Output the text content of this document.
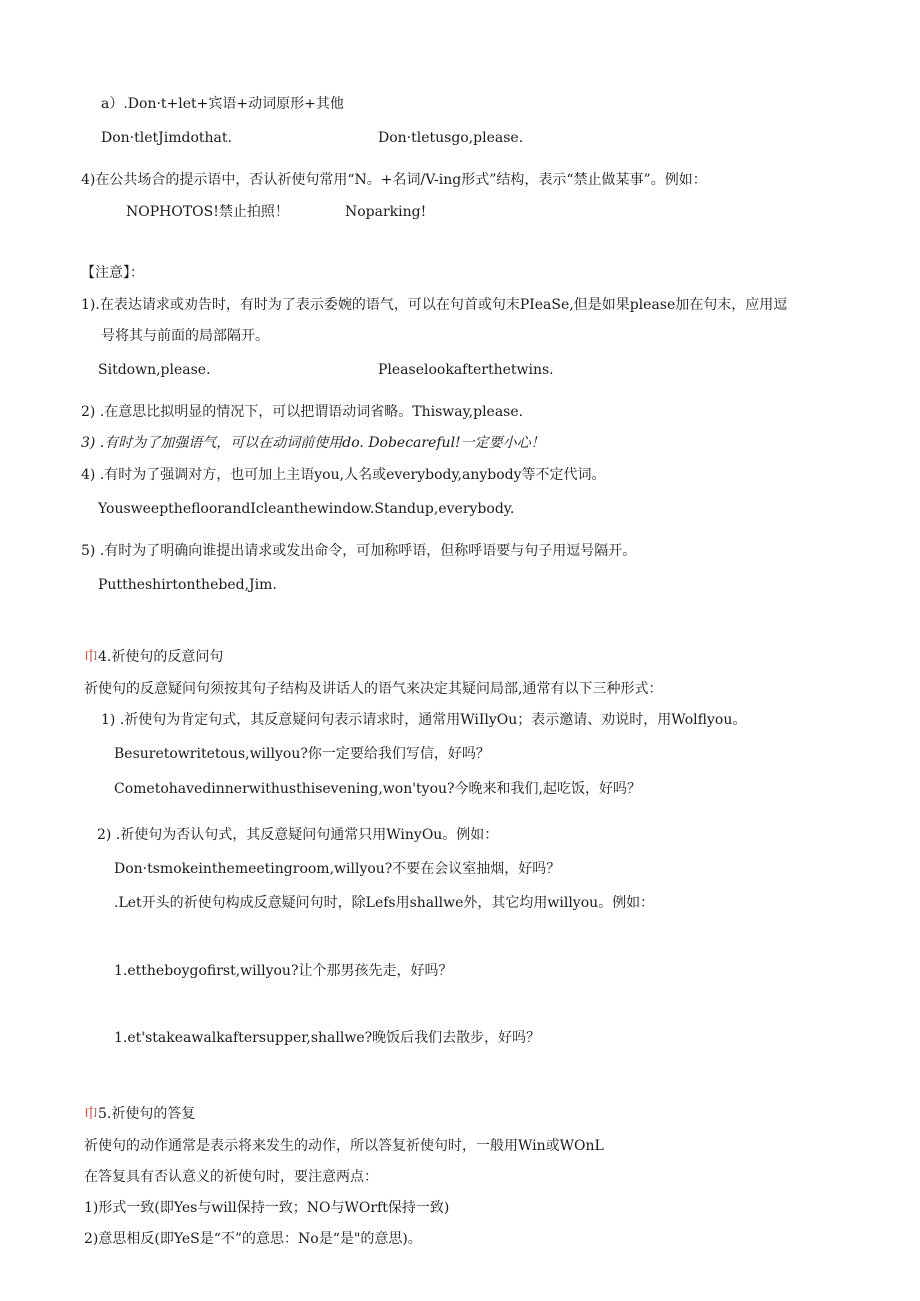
a）.Don·t+let+宾语+动词原形+其他
Don·tletJimdothat.	Don·tletusgo,please.
4)在公共场合的提示语中，否认祈使句常用“N。+名词/V-ing形式”结构，表示“禁止做某事”。例如：
NOPHOTOS!禁止拍照！	Noparking!
【注意】：
1).在表达请求或劝告时，有时为了表示委婉的语气，可以在句首或句末PIeaSe,但是如果please加在句末，应用逗
号将其与前面的局部隔开。
Sitdown,please.	Pleaselookafterthetwins.
2) .在意思比拟明显的情况下，可以把谓语动词省略。Thisway,please.
3) .有时为了加强语气，可以在动词前使用do. Dobecareful!一定要小心！
4) .有时为了强调对方，也可加上主语you,人名或everybody,anybody等不定代词。
YousweepthefloorandIcleanthewindow.Standup,everybody.
5) .有时为了明确向谁提出请求或发出命令，可加称呼语，但称呼语要与句子用逗号隔开。
Puttheshirtonthebed,Jim.
巾4.祈使句的反意问句
祈使句的反意疑问句须按其句子结构及讲话人的语气来决定其疑问局部,通常有以下三种形式：
1) .祈使句为肯定句式，其反意疑问句表示请求时，通常用WiIlyOu；表示邀请、劝说时，用Wolflyou。
Besuretowritetous,willyou?你一定要给我们写信，好吗？
Cometohavedinnerwithusthisevening,won'tyou?今晚来和我们,起吃饭，好吗？
2) .祈使句为否认句式，其反意疑问句通常只用WinyOu。例如：
Don·tsmokeinthemeetingroom,willyou?不要在会议室抽烟，好吗？
.Let开头的祈使句构成反意疑问句时，除Lefs用shallwe外，其它均用willyou。例如：
1.ettheboygofirst,willyou?让个那男孩先走，好吗？
1.et'stakeawalkaftersupper,shallwe?晚饭后我们去散步，好吗？
巾5.祈使句的答复
祈使句的动作通常是表示将来发生的动作，所以答复祈使句时，一般用Win或WOnL
在答复具有否认意义的祈使句时，要注意两点：
1)形式一致(即Yes与will保持一致；NO与WOrft保持一致)
2)意思相反(即YeS是“不”的意思：No是“是"的意思)。
